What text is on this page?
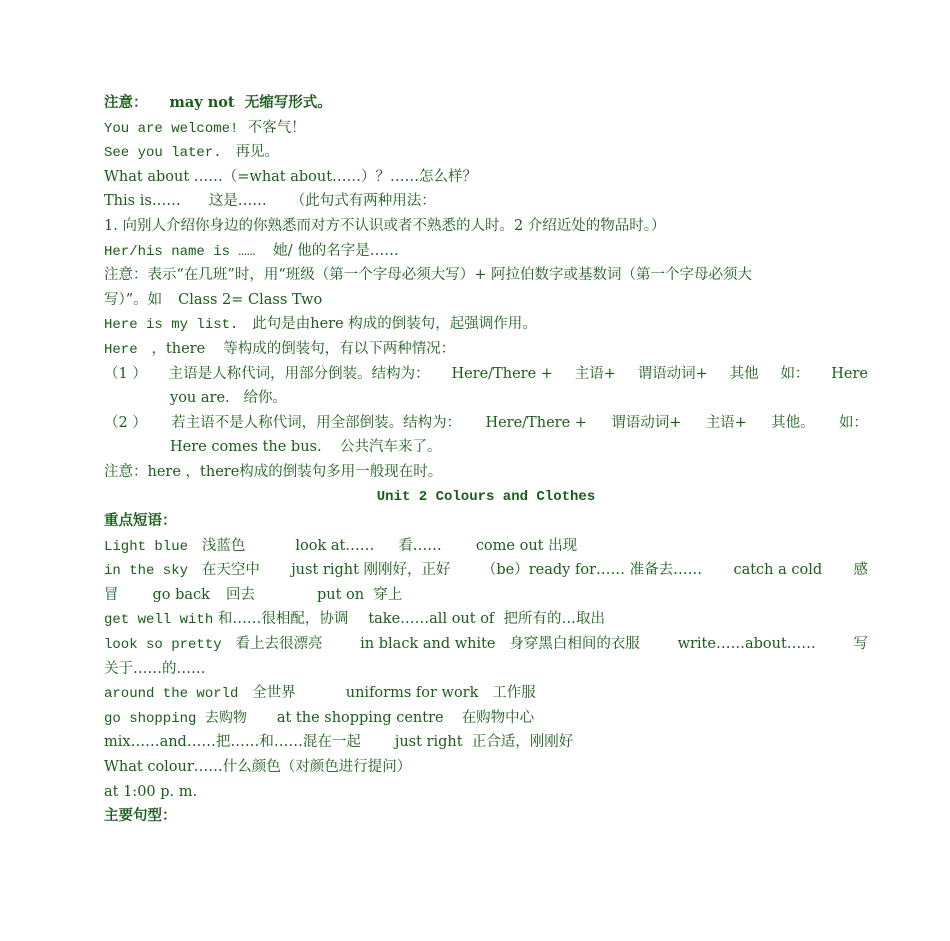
注意： may not 无缩写形式。
You are welcome! 不客气！
See you later. 再见。
What about ……（=what about……）？……怎么样？
This is…… 这是…… （此句式有两种用法：
1. 向别人介绍你身边的你熟悉而对方不认识或者不熟悉的人时。2 介绍近处的物品时。）
Her/his name is …… 她/ 他的名字是……
注意：表示“在几班”时，用“班级（第一个字母必须大写）+ 阿拉伯数字或基数词（第一个字母必须大
写）”。如 Class 2= Class Two
Here is my list. 此句是由here 构成的倒装句，起强调作用。
Here ，there 等构成的倒装句，有以下两种情况：
（1 ） 主语是人称代词，用部分倒装。结构为： Here/There + 主语+ 谓语动词+ 其他 如： Here
you are. 给你。
（2 ） 若主语不是人称代词，用全部倒装。结构为： Here/There + 谓语动词+ 主语+ 其他。 如：
Here comes the bus. 公共汽车来了。
注意：here ，there构成的倒装句多用一般现在时。
Unit 2 Colours and Clothes
重点短语：
Light blue 浅蓝色	look at…… 看…… come out 出现
in the sky 在天空中 just right 刚刚好，正好 （be）ready for…… 准备去…… catch a cold 感
冒 go back 回去	put on 穿上
get well with 和……很相配，协调 take……all out of 把所有的…取出
look so pretty 看上去很漂亮	in black and white 身穿黑白相间的衣服	write……about……	写
关于……的……
around the world 全世界	uniforms for work 工作服
go shopping 去购物 at the shopping centre 在购物中心
mix……and……把……和……混在一起 just right 正合适，刚刚好
What colour……什么颜色（对颜色进行提问）
at 1:00 p. m.
主要句型：
